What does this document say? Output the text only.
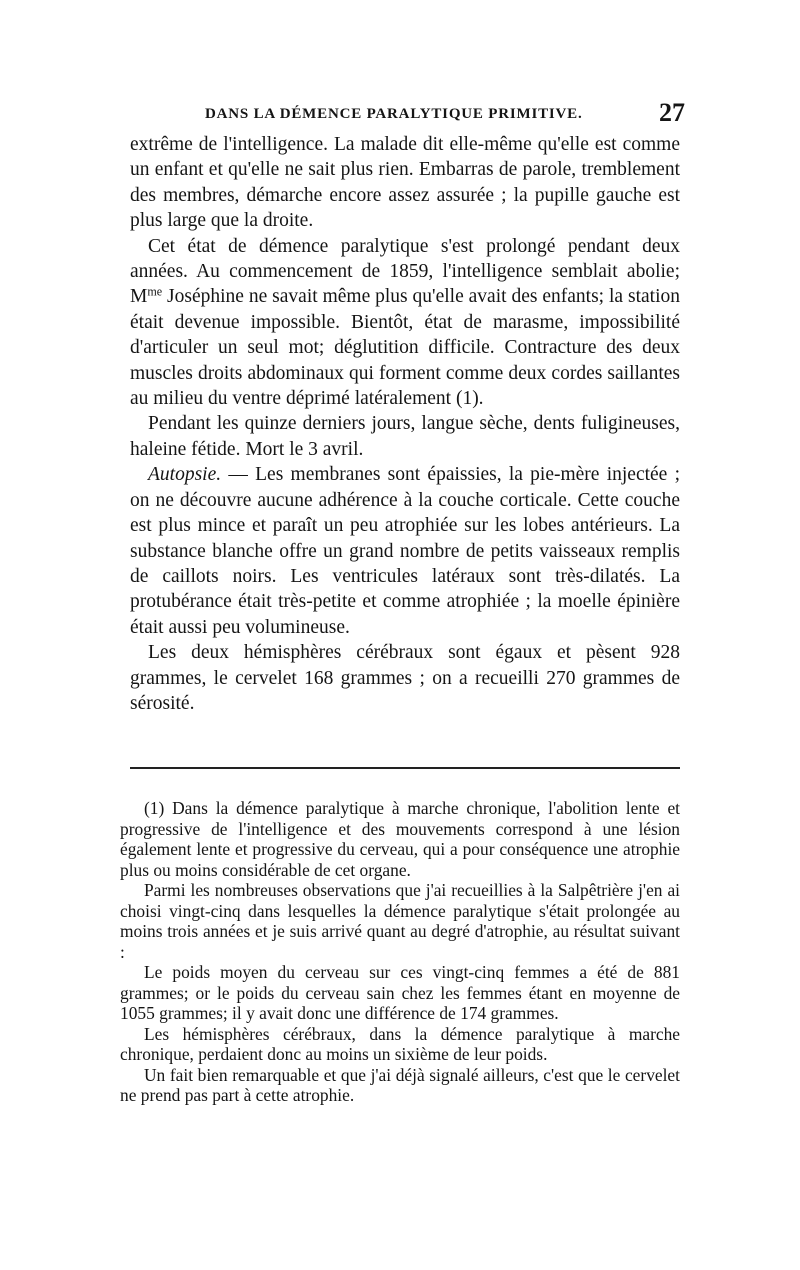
DANS LA DÉMENCE PARALYTIQUE PRIMITIVE.	27

extrême de l'intelligence. La malade dit elle-même qu'elle est comme un enfant et qu'elle ne sait plus rien. Embarras de parole, tremblement des membres, démarche encore assez assurée ; la pupille gauche est plus large que la droite.

Cet état de démence paralytique s'est prolongé pendant deux années. Au commencement de 1859, l'intelligence semblait abolie; $M^{me}$ Joséphine ne savait même plus qu'elle avait des enfants; la station était devenue impossible. Bientôt, état de marasme, impossibilité d'articuler un seul mot; déglutition difficile. Contracture des deux muscles droits abdominaux qui forment comme deux cordes saillantes au milieu du ventre déprimé latéralement (1).

Pendant les quinze derniers jours, langue sèche, dents fuligineuses, haleine fétide. Mort le 3 avril.

Autopsie. — Les membranes sont épaissies, la pie-mère injectée ; on ne découvre aucune adhérence à la couche corticale. Cette couche est plus mince et paraît un peu atrophiée sur les lobes antérieurs. La substance blanche offre un grand nombre de petits vaisseaux remplis de caillots noirs. Les ventricules latéraux sont très-dilatés. La protubérance était très-petite et comme atrophiée ; la moelle épinière était aussi peu volumineuse.

Les deux hémisphères cérébraux sont égaux et pèsent 928 grammes, le cervelet 168 grammes ; on a recueilli 270 grammes de sérosité.

(1) Dans la démence paralytique à marche chronique, l'abolition lente et progressive de l'intelligence et des mouvements correspond à une lésion également lente et progressive du cerveau, qui a pour conséquence une atrophie plus ou moins considérable de cet organe.

Parmi les nombreuses observations que j'ai recueillies à la Salpêtrière j'en ai choisi vingt-cinq dans lesquelles la démence paralytique s'était prolongée au moins trois années et je suis arrivé quant au degré d'atrophie, au résultat suivant :

Le poids moyen du cerveau sur ces vingt-cinq femmes a été de 881 grammes; or le poids du cerveau sain chez les femmes étant en moyenne de 1055 grammes; il y avait donc une différence de 174 grammes.

Les hémisphères cérébraux, dans la démence paralytique à marche chronique, perdaient donc au moins un sixième de leur poids.

Un fait bien remarquable et que j'ai déjà signalé ailleurs, c'est que le cervelet ne prend pas part à cette atrophie.
